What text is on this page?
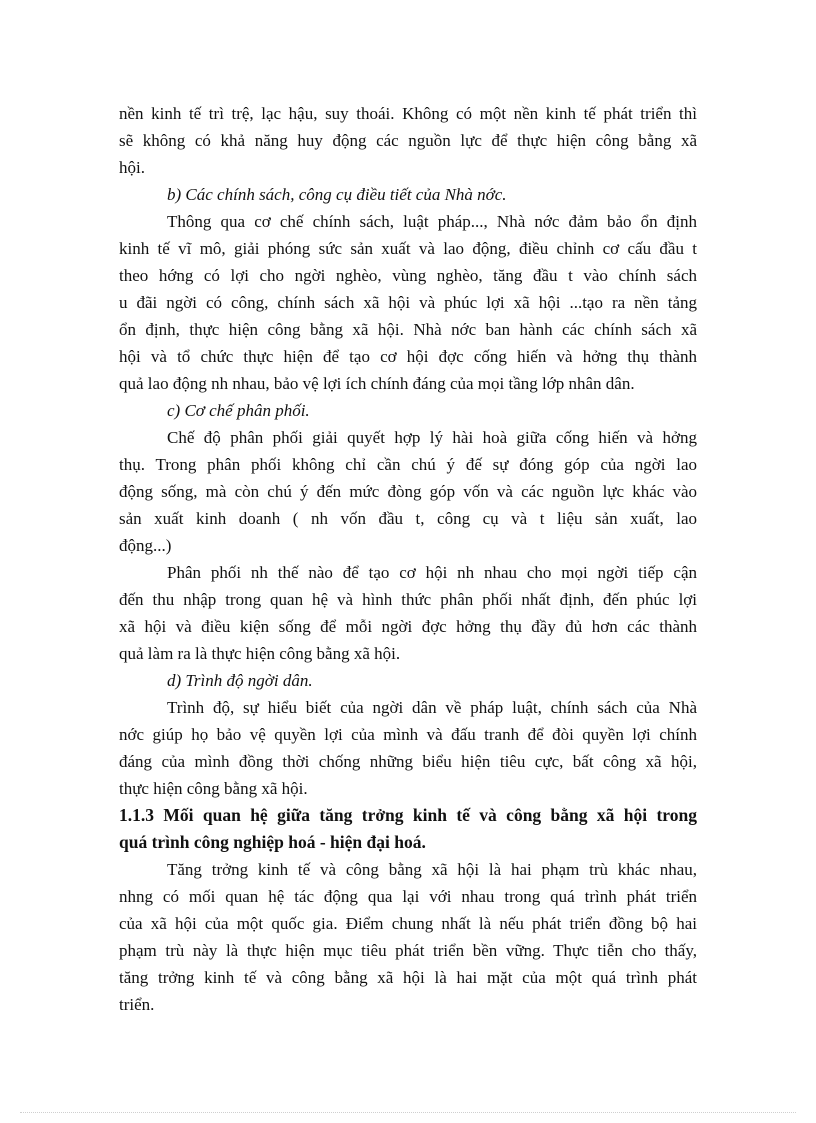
nền kinh tế trì trệ, lạc hậu, suy thoái. Không có một nền kinh tế phát triển thì
sẽ không có khả năng huy động các nguồn lực để thực hiện công bằng xã
hội.
b) Các chính sách, công cụ điều tiết của Nhà nớc.
Thông qua cơ chế chính sách, luật pháp..., Nhà nớc đảm bảo ổn định
kinh tế vĩ mô, giải phóng sức sản xuất và lao động, điều chỉnh cơ cấu đầu t
theo hớng có lợi cho ngời nghèo, vùng nghèo, tăng đầu t vào chính sách
u đãi ngời có công, chính sách xã hội và phúc lợi xã hội ...tạo ra nền tảng
ổn định, thực hiện công bằng xã hội. Nhà nớc ban hành các chính sách xã
hội và tổ chức thực hiện để tạo cơ hội đợc cống hiến và hởng thụ thành
quả lao động nh nhau, bảo vệ lợi ích chính đáng của mọi tầng lớp nhân dân.
c) Cơ chế phân phối.
Chế độ phân phối giải quyết hợp lý hài hoà giữa cống hiến và hởng
thụ. Trong phân phối không chỉ cần chú ý đế sự đóng góp của ngời lao
động sống, mà còn chú ý đến mức đòng góp vốn và các nguồn lực khác vào
sản xuất kinh doanh ( nh vốn đầu t, công cụ và t liệu sản xuất, lao
động...)
Phân phối nh thế nào để tạo cơ hội nh nhau cho mọi ngời tiếp cận
đến thu nhập trong quan hệ và hình thức phân phối nhất định, đến phúc lợi
xã hội và điều kiện sống để mỗi ngời đợc hởng thụ đầy đủ hơn các thành
quả làm ra là thực hiện công bằng xã hội.
d) Trình độ ngời dân.
Trình độ, sự hiểu biết của ngời dân về pháp luật, chính sách của Nhà
nớc giúp họ bảo vệ quyền lợi của mình và đấu tranh để đòi quyền lợi chính
đáng của mình đồng thời chống những biểu hiện tiêu cực, bất công xã hội,
thực hiện công bằng xã hội.
1.1.3 Mối quan hệ giữa tăng trởng kinh tế và công bằng xã hội trong
quá trình công nghiệp hoá - hiện đại hoá.
Tăng trởng kinh tế và công bằng xã hội là hai phạm trù khác nhau,
nhng có mối quan hệ tác động qua lại với nhau trong quá trình phát triển
của xã hội của một quốc gia. Điểm chung nhất là nếu phát triển đồng bộ hai
phạm trù này là thực hiện mục tiêu phát triển bền vững. Thực tiễn cho thấy,
tăng trởng kinh tế và công bằng xã hội là hai mặt của một quá trình phát
triển.
